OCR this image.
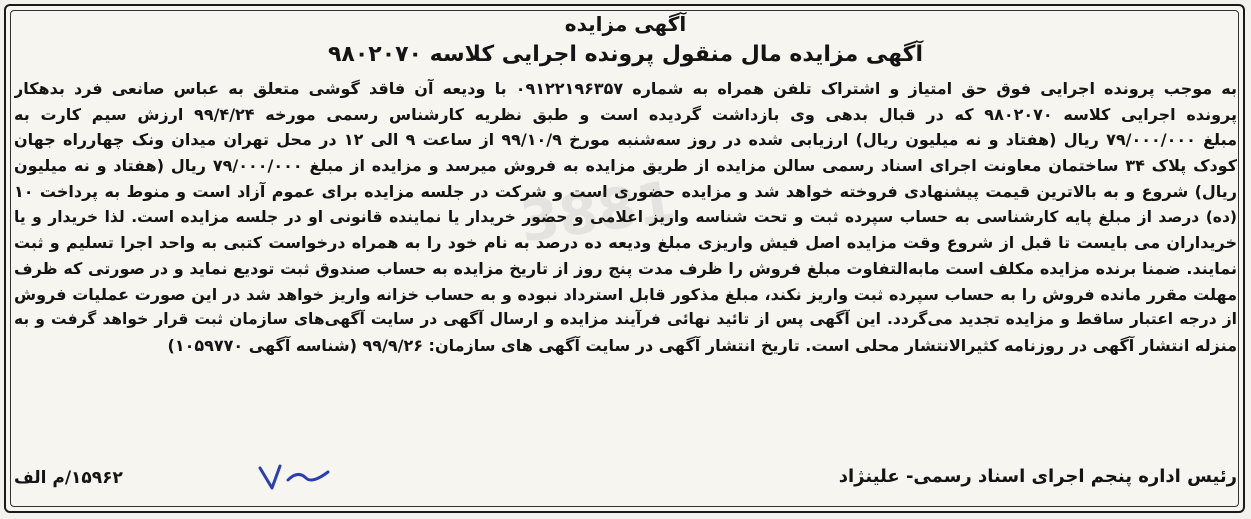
3881
آگهی مزایده
آگهی مزایده مال منقول پرونده اجرایی کلاسه ۹۸۰۲۰۷۰
به موجب پرونده اجرایی فوق حق امتیاز و اشتراک تلفن همراه به شماره ۰۹۱۲۲۱۹۶۳۵۷ با ودیعه آن فاقد گوشی متعلق به عباس صانعی فرد بدهکار
پرونده اجرایی کلاسه ۹۸۰۲۰۷۰ که در قبال بدهی وی بازداشت گردیده است و طبق نظریه کارشناس رسمی مورخه ۹۹/۴/۲۴ ارزش سیم کارت به
مبلغ ۷۹/۰۰۰/۰۰۰ ریال (هفتاد و نه میلیون ریال) ارزیابی شده در روز سه‌شنبه مورخ ۹۹/۱۰/۹ از ساعت ۹ الی ۱۲ در محل تهران میدان ونک چهارراه جهان
کودک پلاک ۳۴ ساختمان معاونت اجرای اسناد رسمی سالن مزایده از طریق مزایده به فروش میرسد و مزایده از مبلغ ۷۹/۰۰۰/۰۰۰ ریال (هفتاد و نه میلیون
ریال) شروع و به بالاترین قیمت پیشنهادی فروخته خواهد شد و مزایده حضوری است و شرکت در جلسه مزایده برای عموم آزاد است و منوط به پرداخت ۱۰
(ده) درصد از مبلغ پایه کارشناسی به حساب سپرده ثبت و تحت شناسه واریز اعلامی و حضور خریدار یا نماینده قانونی او در جلسه مزایده است. لذا خریدار و یا
خریداران می بایست تا قبل از شروع وقت مزایده اصل فیش واریزی مبلغ ودیعه ده درصد به نام خود را به همراه درخواست کتبی به واحد اجرا تسلیم و ثبت
نمایند. ضمنا برنده مزایده مکلف است مابه‌التفاوت مبلغ فروش را ظرف مدت پنج روز از تاریخ مزایده به حساب صندوق ثبت تودیع نماید و در صورتی که ظرف
مهلت مقرر مانده فروش را به حساب سپرده ثبت واریز نکند، مبلغ مذکور قابل استرداد نبوده و به حساب خزانه واریز خواهد شد در این صورت عملیات فروش
از درجه اعتبار ساقط و مزایده تجدید می‌گردد. این آگهی پس از تائید نهائی فرآیند مزایده و ارسال آگهی در سایت آگهی‌های سازمان ثبت قرار خواهد گرفت و به
منزله انتشار آگهی در روزنامه کثیرالانتشار محلی است. تاریخ انتشار آگهی در سایت آگهی های سازمان: ۹۹/۹/۲۶ (شناسه آگهی ۱۰۵۹۷۷۰)
رئیس اداره پنجم اجرای اسناد رسمی- علینژاد
۱۵۹۶۲/م الف
